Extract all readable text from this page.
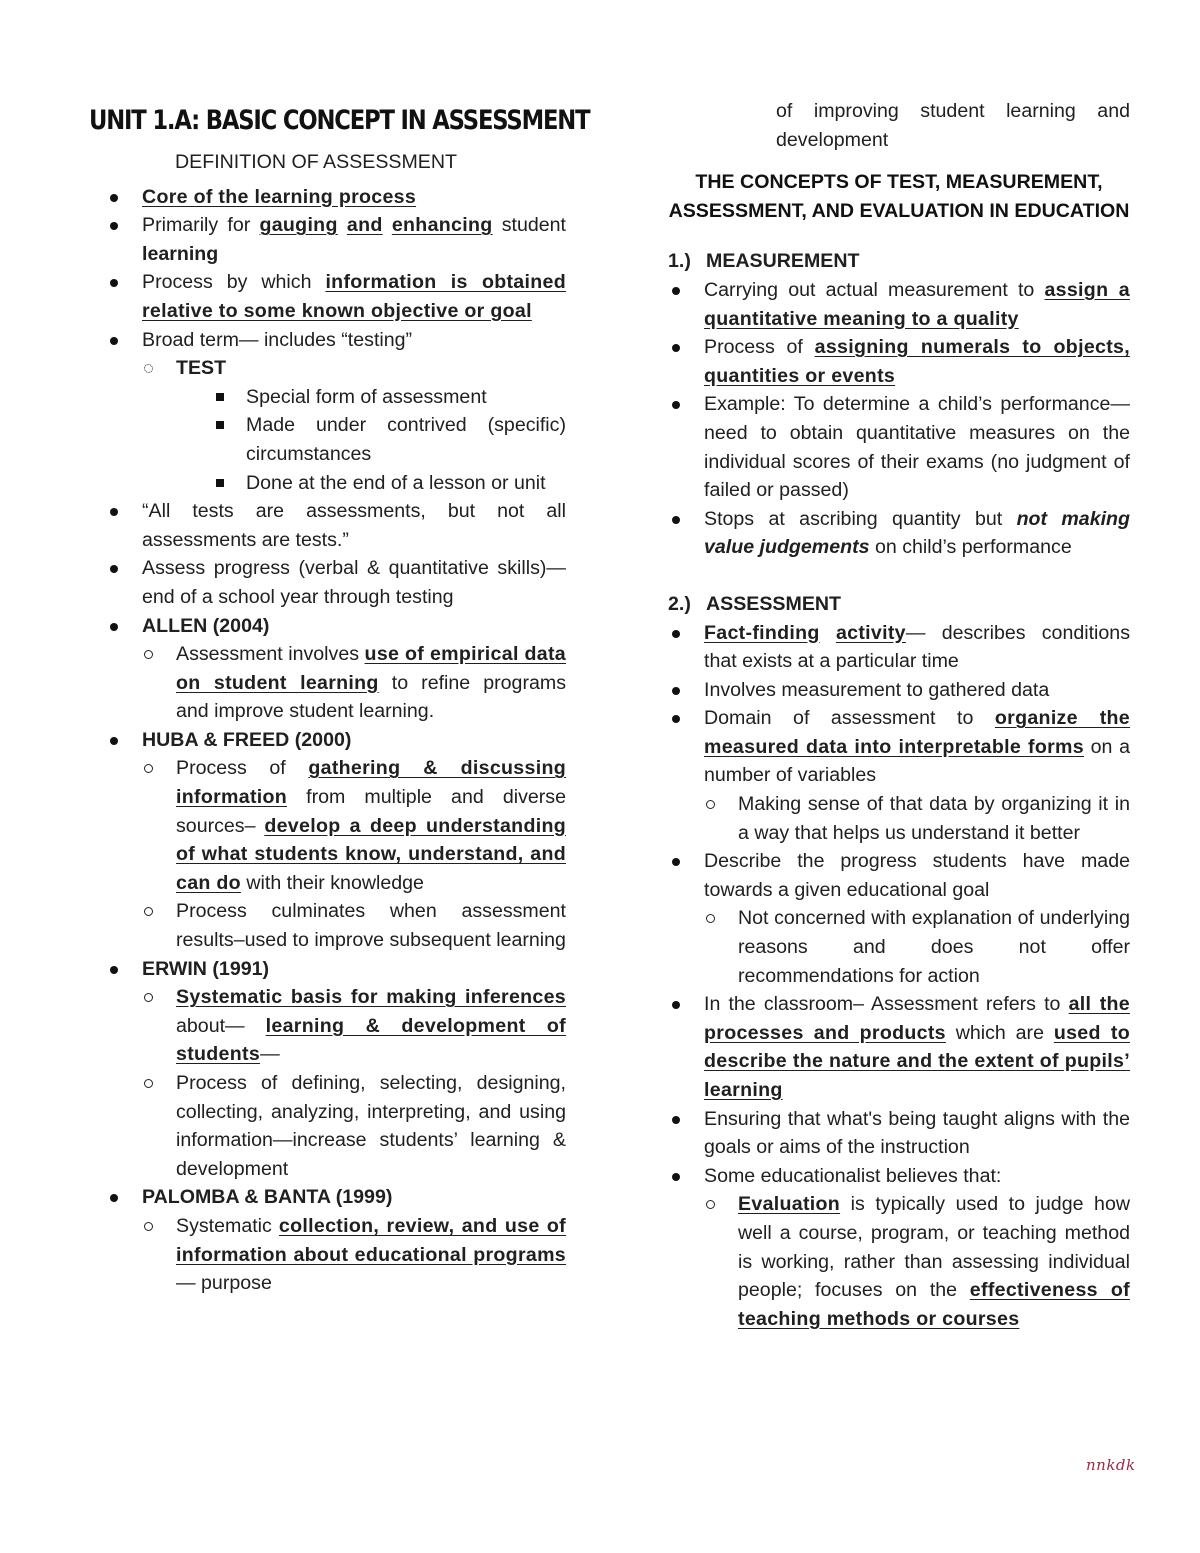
UNIT 1.A: BASIC CONCEPT IN ASSESSMENT
DEFINITION OF ASSESSMENT
Core of the learning process
Primarily for gauging and enhancing student learning
Process by which information is obtained relative to some known objective or goal
Broad term— includes “testing”
TEST
Special form of assessment
Made under contrived (specific) circumstances
Done at the end of a lesson or unit
“All tests are assessments, but not all assessments are tests.”
Assess progress (verbal & quantitative skills)—end of a school year through testing
ALLEN (2004)
Assessment involves use of empirical data on student learning to refine programs and improve student learning.
HUBA & FREED (2000)
Process of gathering & discussing information from multiple and diverse sources– develop a deep understanding of what students know, understand, and can do with their knowledge
Process culminates when assessment results–used to improve subsequent learning
ERWIN (1991)
Systematic basis for making inferences about— learning & development of students—
Process of defining, selecting, designing, collecting, analyzing, interpreting, and using information—increase students’ learning & development
PALOMBA & BANTA (1999)
Systematic collection, review, and use of information about educational programs— purpose
of improving student learning and development
THE CONCEPTS OF TEST, MEASUREMENT, ASSESSMENT, AND EVALUATION IN EDUCATION
1.) MEASUREMENT
Carrying out actual measurement to assign a quantitative meaning to a quality
Process of assigning numerals to objects, quantities or events
Example: To determine a child’s performance— need to obtain quantitative measures on the individual scores of their exams (no judgment of failed or passed)
Stops at ascribing quantity but not making value judgements on child’s performance
2.) ASSESSMENT
Fact-finding activity— describes conditions that exists at a particular time
Involves measurement to gathered data
Domain of assessment to organize the measured data into interpretable forms on a number of variables
Making sense of that data by organizing it in a way that helps us understand it better
Describe the progress students have made towards a given educational goal
Not concerned with explanation of underlying reasons and does not offer recommendations for action
In the classroom– Assessment refers to all the processes and products which are used to describe the nature and the extent of pupils’ learning
Ensuring that what's being taught aligns with the goals or aims of the instruction
Some educationalist believes that:
Evaluation is typically used to judge how well a course, program, or teaching method is working, rather than assessing individual people; focuses on the effectiveness of teaching methods or courses
nnkdk
